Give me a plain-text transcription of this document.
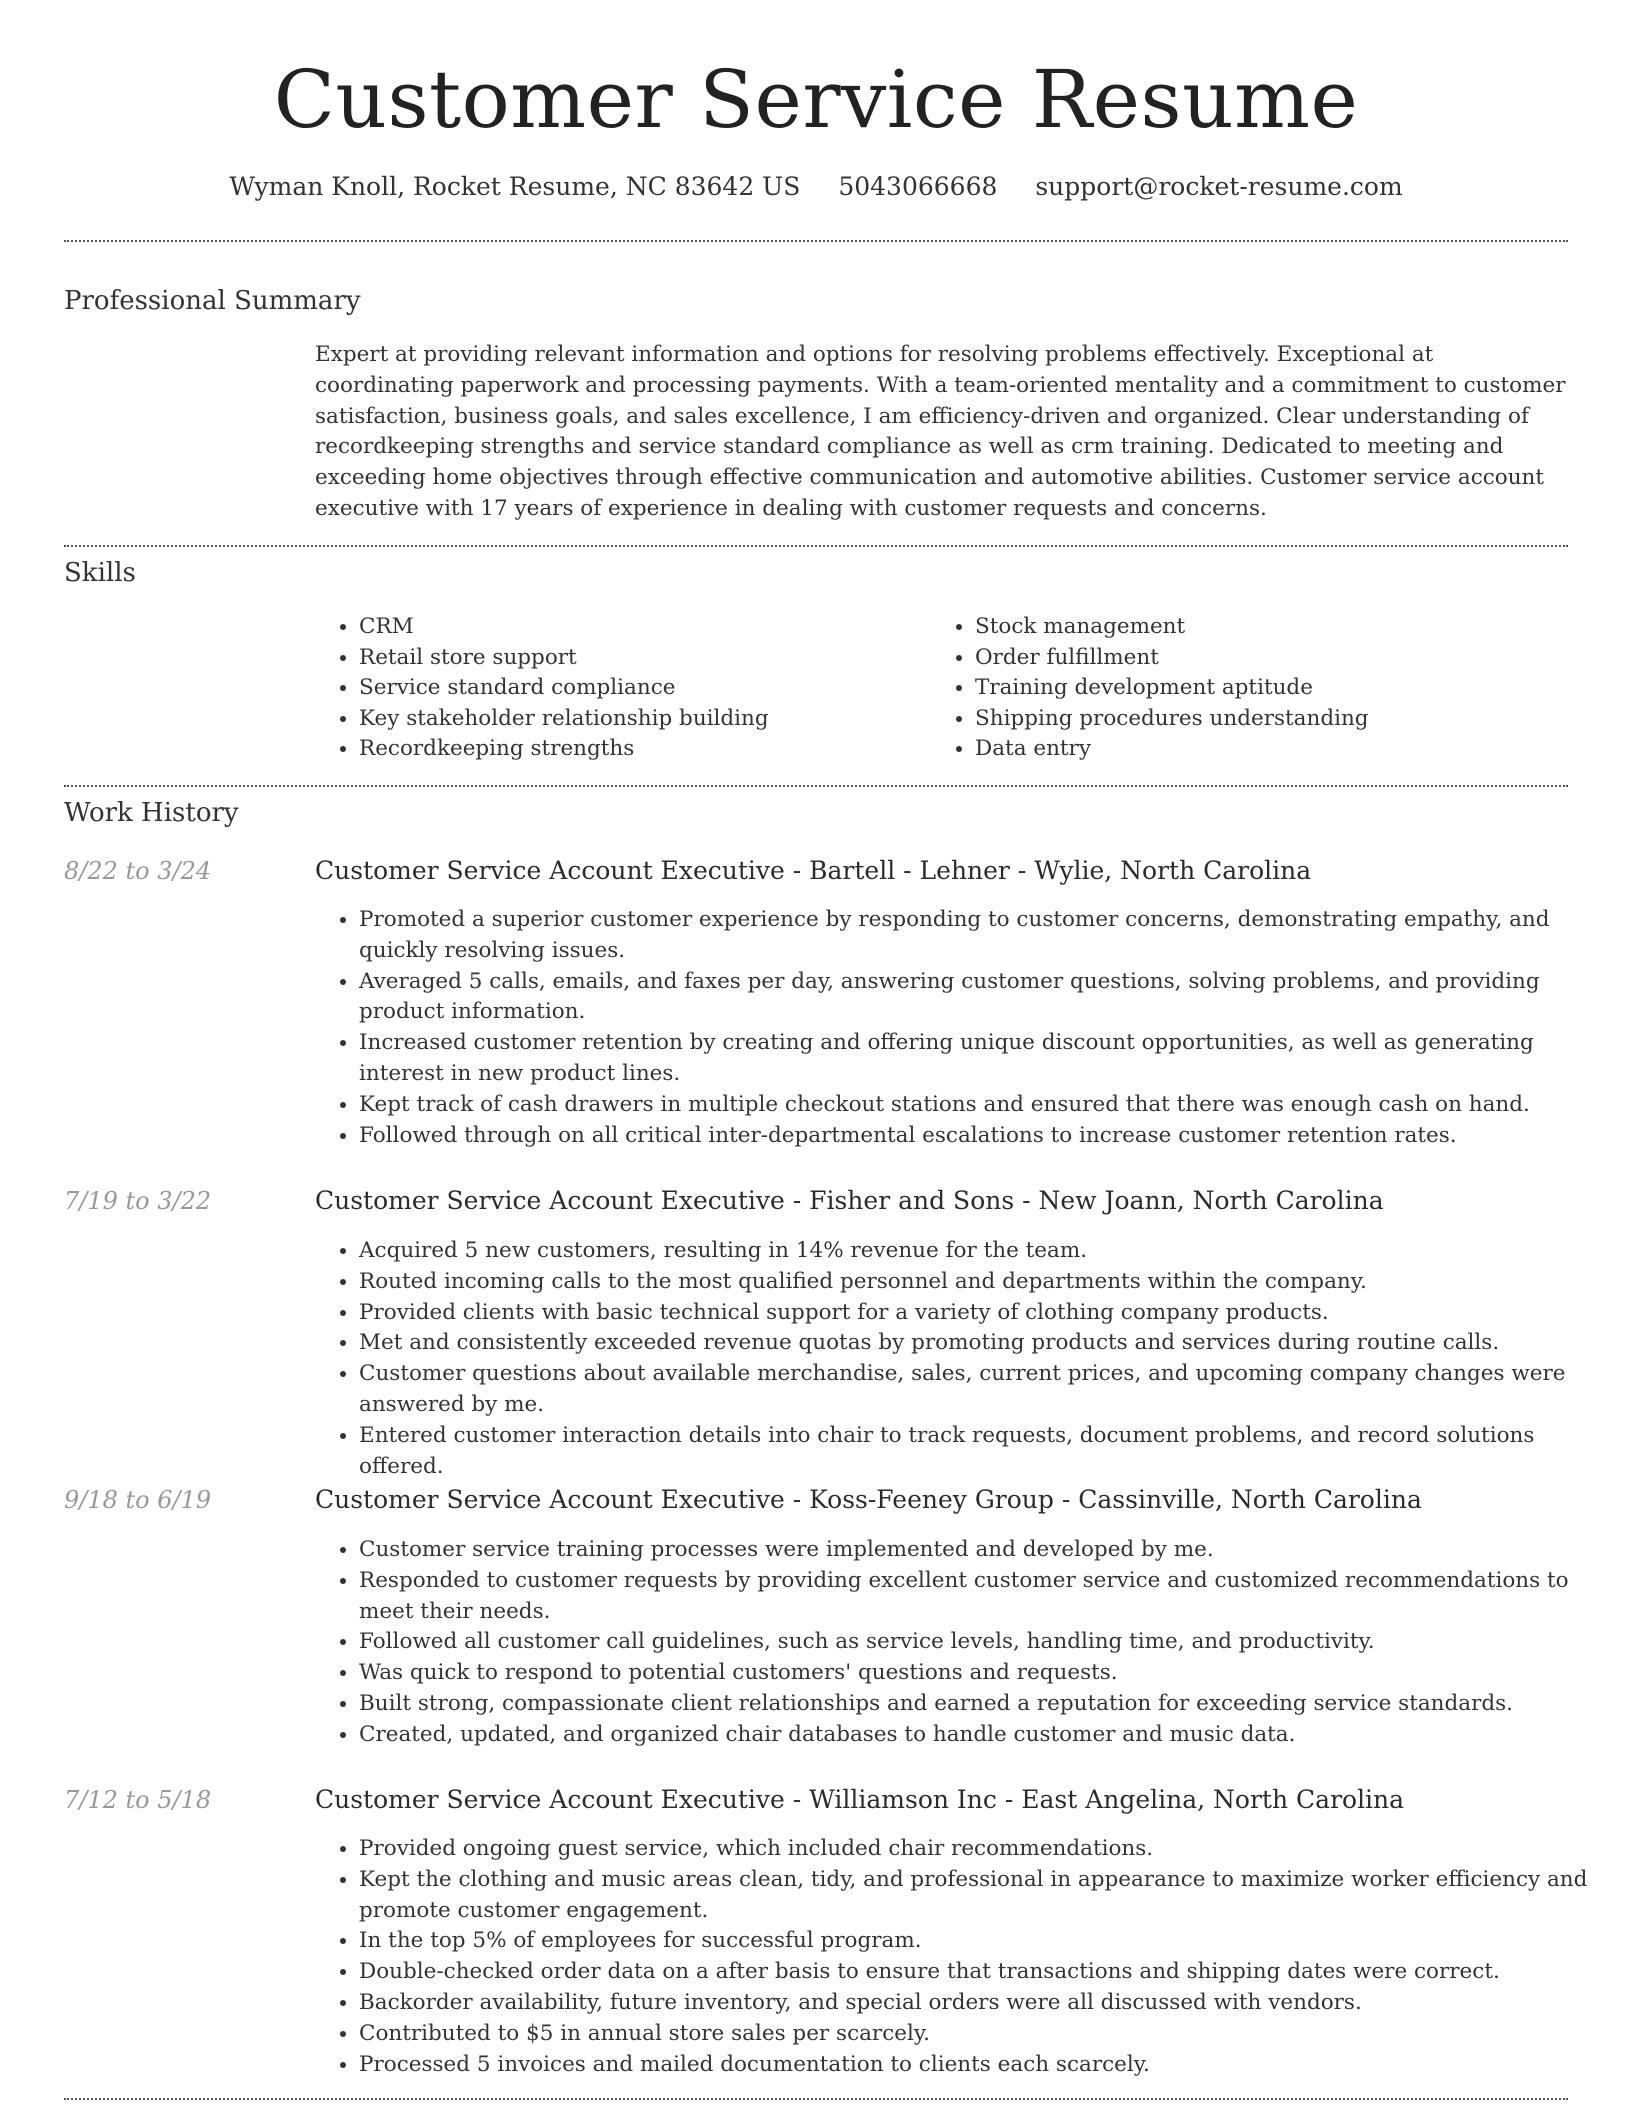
Customer Service Resume
Wyman Knoll, Rocket Resume, NC 83642 US 5043066668 support@rocket-resume.com
Professional Summary

Expert at providing relevant information and options for resolving problems effectively. Exceptional at coordinating paperwork and processing payments. With a team-oriented mentality and a commitment to customer satisfaction, business goals, and sales excellence, I am efficiency-driven and organized. Clear understanding of recordkeeping strengths and service standard compliance as well as crm training. Dedicated to meeting and exceeding home objectives through effective communication and automotive abilities. Customer service account executive with 17 years of experience in dealing with customer requests and concerns.

Skills
• CRM
• Retail store support
• Service standard compliance
• Key stakeholder relationship building
• Recordkeeping strengths
• Stock management
• Order fulfillment
• Training development aptitude
• Shipping procedures understanding
• Data entry
Work History
8/22 to 3/24	Customer Service Account Executive - Bartell - Lehner - Wylie, North Carolina
• Promoted a superior customer experience by responding to customer concerns, demonstrating empathy, and quickly resolving issues.
• Averaged 5 calls, emails, and faxes per day, answering customer questions, solving problems, and providing product information.
• Increased customer retention by creating and offering unique discount opportunities, as well as generating interest in new product lines.
• Kept track of cash drawers in multiple checkout stations and ensured that there was enough cash on hand.
• Followed through on all critical inter-departmental escalations to increase customer retention rates.
7/19 to 3/22	Customer Service Account Executive - Fisher and Sons - New Joann, North Carolina
• Acquired 5 new customers, resulting in 14% revenue for the team.
• Routed incoming calls to the most qualified personnel and departments within the company.
• Provided clients with basic technical support for a variety of clothing company products.
• Met and consistently exceeded revenue quotas by promoting products and services during routine calls.
• Customer questions about available merchandise, sales, current prices, and upcoming company changes were answered by me.
• Entered customer interaction details into chair to track requests, document problems, and record solutions offered.
9/18 to 6/19	Customer Service Account Executive - Koss-Feeney Group - Cassinville, North Carolina
• Customer service training processes were implemented and developed by me.
• Responded to customer requests by providing excellent customer service and customized recommendations to meet their needs.
• Followed all customer call guidelines, such as service levels, handling time, and productivity.
• Was quick to respond to potential customers' questions and requests.
• Built strong, compassionate client relationships and earned a reputation for exceeding service standards.
• Created, updated, and organized chair databases to handle customer and music data.
7/12 to 5/18	Customer Service Account Executive - Williamson Inc - East Angelina, North Carolina
• Provided ongoing guest service, which included chair recommendations.
• Kept the clothing and music areas clean, tidy, and professional in appearance to maximize worker efficiency and promote customer engagement.
• In the top 5% of employees for successful program.
• Double-checked order data on a after basis to ensure that transactions and shipping dates were correct.
• Backorder availability, future inventory, and special orders were all discussed with vendors.
• Contributed to $5 in annual store sales per scarcely.
• Processed 5 invoices and mailed documentation to clients each scarcely.
